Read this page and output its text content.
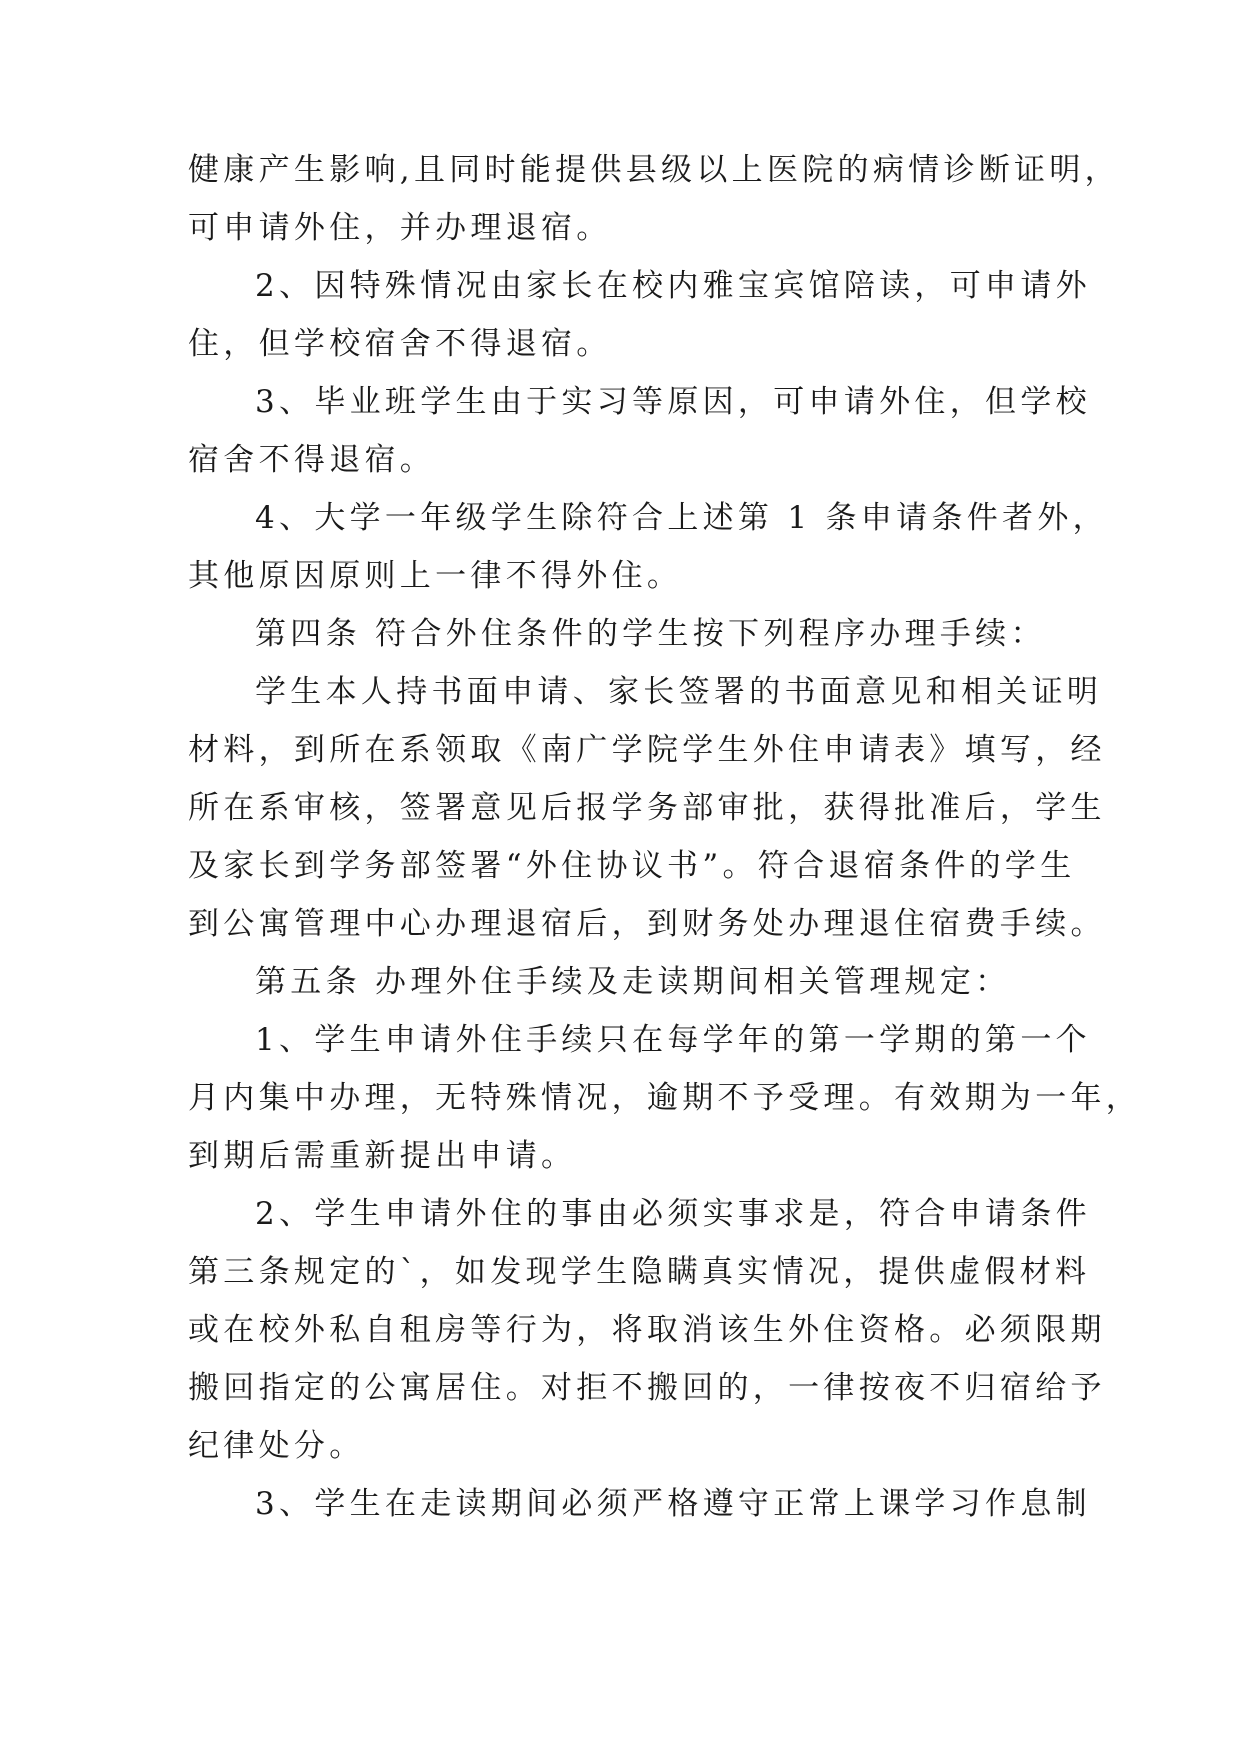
健康产生影响,且同时能提供县级以上医院的病情诊断证明，

可申请外住，并办理退宿。

2、因特殊情况由家长在校内雅宝宾馆陪读，可申请外

住，但学校宿舍不得退宿。

3、毕业班学生由于实习等原因，可申请外住，但学校

宿舍不得退宿。

4、大学一年级学生除符合上述第 1 条申请条件者外，

其他原因原则上一律不得外住。

第四条 符合外住条件的学生按下列程序办理手续：

学生本人持书面申请、家长签署的书面意见和相关证明

材料，到所在系领取《南广学院学生外住申请表》填写，经

所在系审核，签署意见后报学务部审批，获得批准后，学生

及家长到学务部签署“外住协议书”。符合退宿条件的学生

到公寓管理中心办理退宿后，到财务处办理退住宿费手续。

第五条 办理外住手续及走读期间相关管理规定：

1、学生申请外住手续只在每学年的第一学期的第一个

月内集中办理，无特殊情况，逾期不予受理。有效期为一年，

到期后需重新提出申请。

2、学生申请外住的事由必须实事求是，符合申请条件

第三条规定的`，如发现学生隐瞒真实情况，提供虚假材料

或在校外私自租房等行为，将取消该生外住资格。必须限期

搬回指定的公寓居住。对拒不搬回的，一律按夜不归宿给予

纪律处分。

3、学生在走读期间必须严格遵守正常上课学习作息制
